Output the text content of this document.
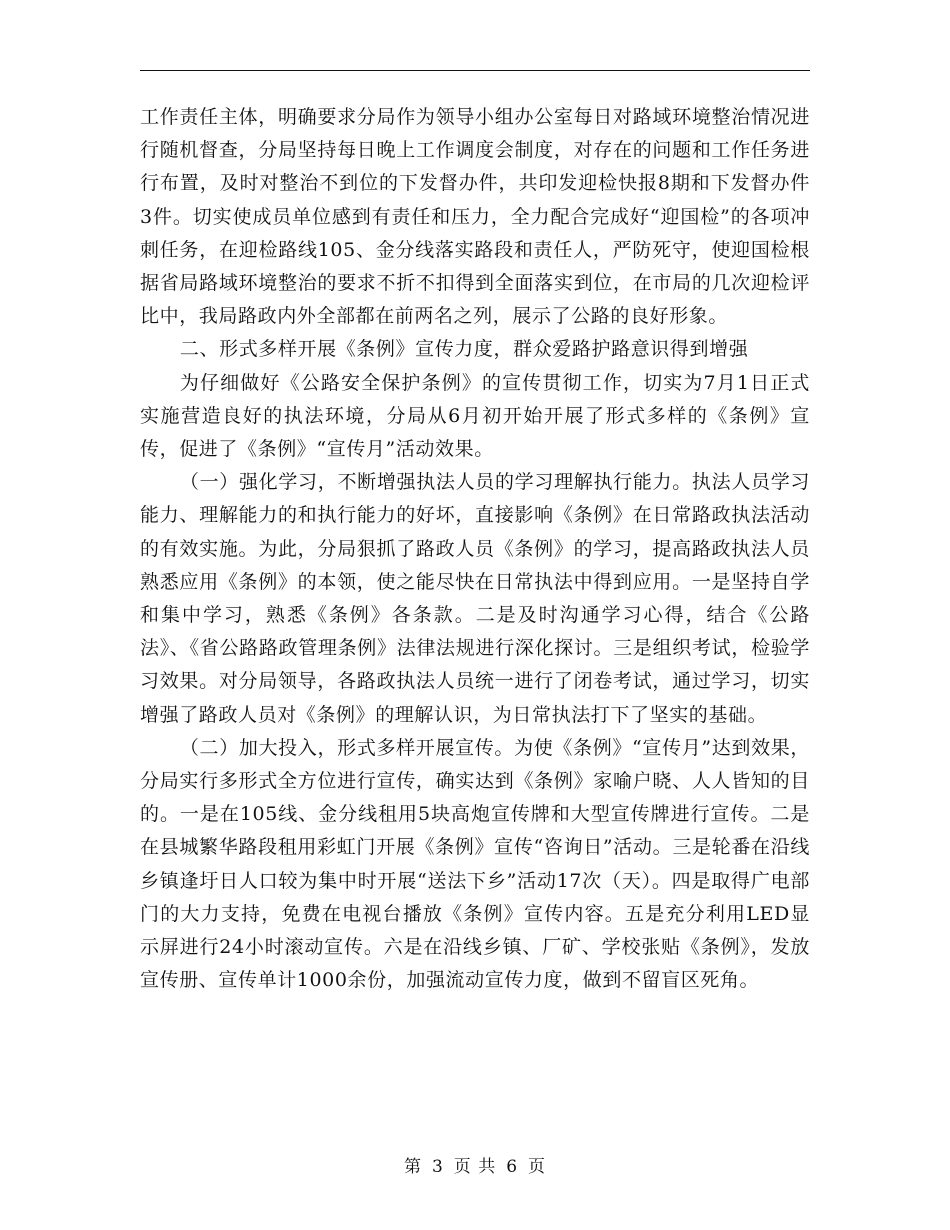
工作责任主体，明确要求分局作为领导小组办公室每日对路域环境整治情况进行随机督查，分局坚持每日晚上工作调度会制度，对存在的问题和工作任务进行布置，及时对整治不到位的下发督办件，共印发迎检快报8期和下发督办件3件。切实使成员单位感到有责任和压力，全力配合完成好“迎国检”的各项冲刺任务，在迎检路线105、金分线落实路段和责任人，严防死守，使迎国检根据省局路域环境整治的要求不折不扣得到全面落实到位，在市局的几次迎检评比中，我局路政内外全部都在前两名之列，展示了公路的良好形象。

二、形式多样开展《条例》宣传力度，群众爱路护路意识得到增强

为仔细做好《公路安全保护条例》的宣传贯彻工作，切实为7月1日正式实施营造良好的执法环境，分局从6月初开始开展了形式多样的《条例》宣传，促进了《条例》“宣传月”活动效果。

（一）强化学习，不断增强执法人员的学习理解执行能力。执法人员学习能力、理解能力的和执行能力的好坏，直接影响《条例》在日常路政执法活动的有效实施。为此，分局狠抓了路政人员《条例》的学习，提高路政执法人员熟悉应用《条例》的本领，使之能尽快在日常执法中得到应用。一是坚持自学和集中学习，熟悉《条例》各条款。二是及时沟通学习心得，结合《公路法》、《省公路路政管理条例》法律法规进行深化探讨。三是组织考试，检验学习效果。对分局领导，各路政执法人员统一进行了闭卷考试，通过学习，切实增强了路政人员对《条例》的理解认识，为日常执法打下了坚实的基础。

（二）加大投入，形式多样开展宣传。为使《条例》“宣传月”达到效果，分局实行多形式全方位进行宣传，确实达到《条例》家喻户晓、人人皆知的目的。一是在105线、金分线租用5块高炮宣传牌和大型宣传牌进行宣传。二是在县城繁华路段租用彩虹门开展《条例》宣传“咨询日”活动。三是轮番在沿线乡镇逢圩日人口较为集中时开展“送法下乡”活动17次（天）。四是取得广电部门的大力支持，免费在电视台播放《条例》宣传内容。五是充分利用LED显示屏进行24小时滚动宣传。六是在沿线乡镇、厂矿、学校张贴《条例》，发放宣传册、宣传单计1000余份，加强流动宣传力度，做到不留盲区死角。

第 3 页 共 6 页
